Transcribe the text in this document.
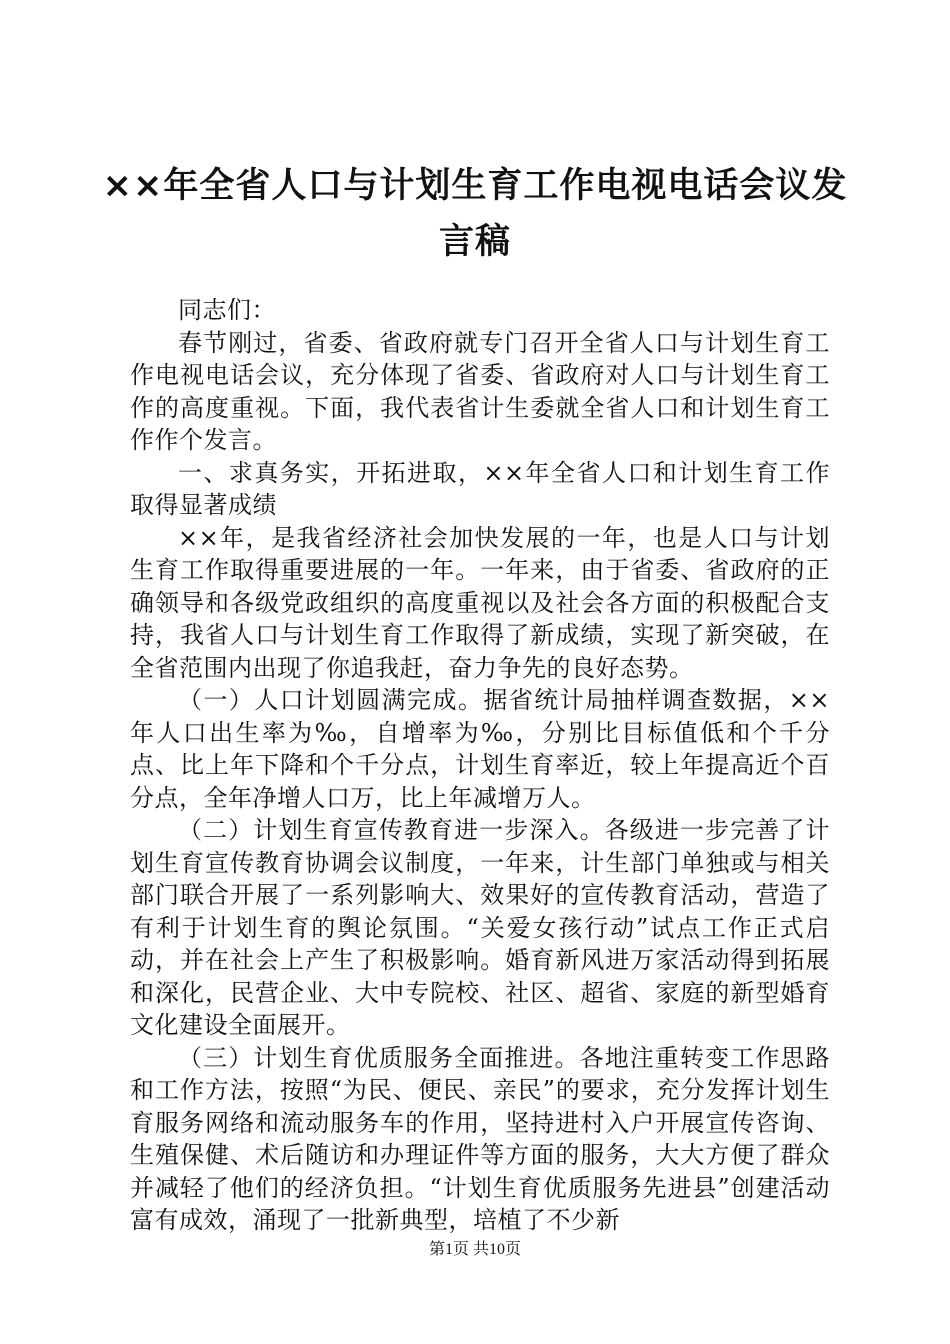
××年全省人口与计划生育工作电视电话会议发言稿

同志们：

春节刚过，省委、省政府就专门召开全省人口与计划生育工作电视电话会议，充分体现了省委、省政府对人口与计划生育工作的高度重视。下面，我代表省计生委就全省人口和计划生育工作作个发言。

一、求真务实，开拓进取，××年全省人口和计划生育工作取得显著成绩

××年，是我省经济社会加快发展的一年，也是人口与计划生育工作取得重要进展的一年。一年来，由于省委、省政府的正确领导和各级党政组织的高度重视以及社会各方面的积极配合支持，我省人口与计划生育工作取得了新成绩，实现了新突破，在全省范围内出现了你追我赶，奋力争先的良好态势。

（一）人口计划圆满完成。据省统计局抽样调查数据，××年人口出生率为‰，自增率为‰，分别比目标值低和个千分点、比上年下降和个千分点，计划生育率近，较上年提高近个百分点，全年净增人口万，比上年减增万人。

（二）计划生育宣传教育进一步深入。各级进一步完善了计划生育宣传教育协调会议制度，一年来，计生部门单独或与相关部门联合开展了一系列影响大、效果好的宣传教育活动，营造了有利于计划生育的舆论氛围。“关爱女孩行动”试点工作正式启动，并在社会上产生了积极影响。婚育新风进万家活动得到拓展和深化，民营企业、大中专院校、社区、超省、家庭的新型婚育文化建设全面展开。

（三）计划生育优质服务全面推进。各地注重转变工作思路和工作方法，按照“为民、便民、亲民”的要求，充分发挥计划生育服务网络和流动服务车的作用，坚持进村入户开展宣传咨询、生殖保健、术后随访和办理证件等方面的服务，大大方便了群众并减轻了他们的经济负担。“计划生育优质服务先进县”创建活动富有成效，涌现了一批新典型，培植了不少新

第1页 共10页
